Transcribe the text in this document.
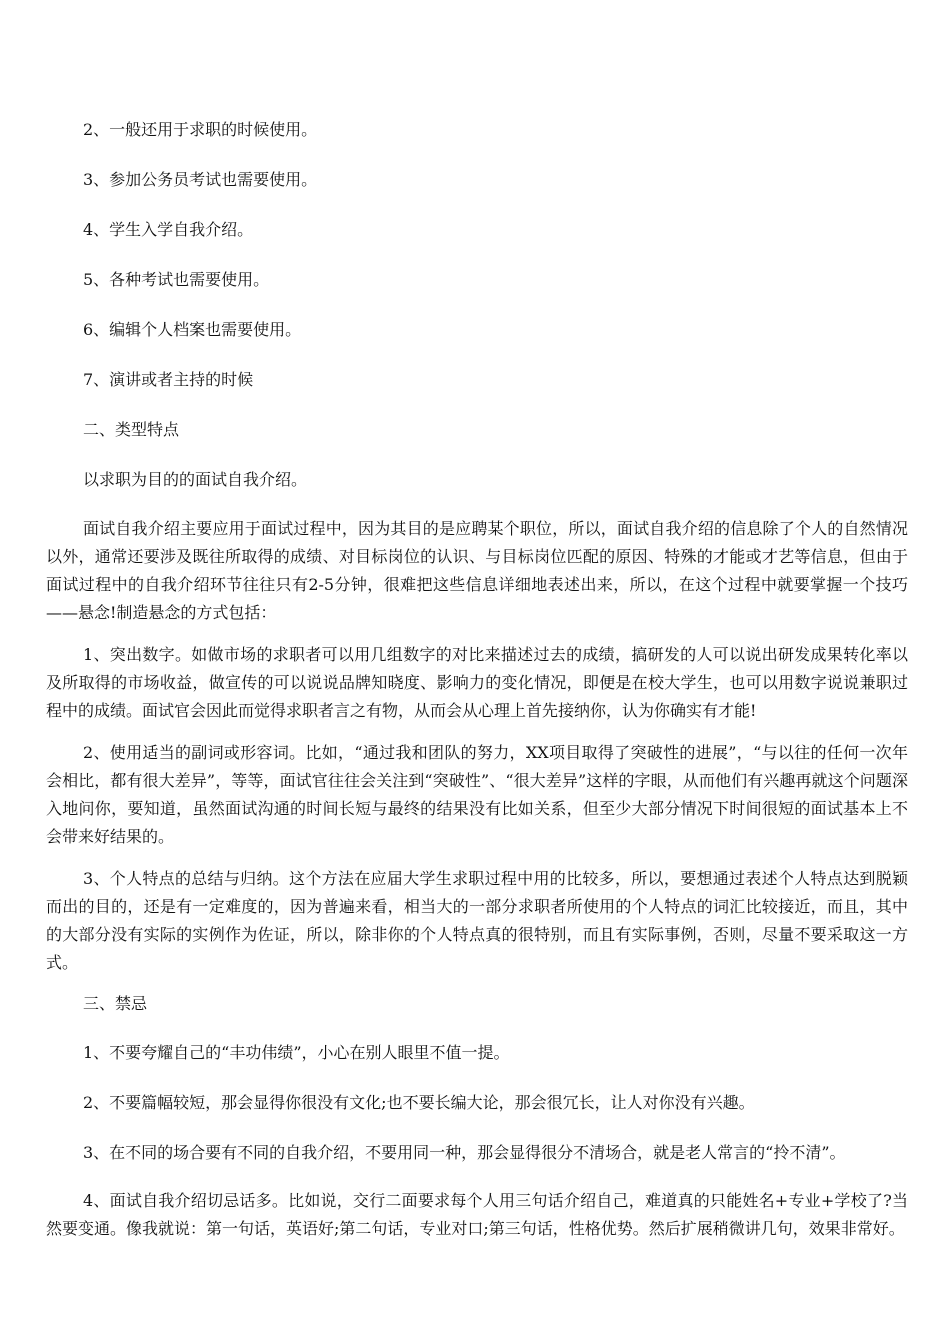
2、一般还用于求职的时候使用。

3、参加公务员考试也需要使用。

4、学生入学自我介绍。

5、各种考试也需要使用。

6、编辑个人档案也需要使用。

7、演讲或者主持的时候

二、类型特点

以求职为目的的面试自我介绍。

面试自我介绍主要应用于面试过程中，因为其目的是应聘某个职位，所以，面试自我介绍的信息除了个人的自然情况以外，通常还要涉及既往所取得的成绩、对目标岗位的认识、与目标岗位匹配的原因、特殊的才能或才艺等信息，但由于面试过程中的自我介绍环节往往只有2-5分钟，很难把这些信息详细地表述出来，所以，在这个过程中就要掌握一个技巧——悬念!制造悬念的方式包括：

1、突出数字。如做市场的求职者可以用几组数字的对比来描述过去的成绩，搞研发的人可以说出研发成果转化率以及所取得的市场收益，做宣传的可以说说品牌知晓度、影响力的变化情况，即便是在校大学生，也可以用数字说说兼职过程中的成绩。面试官会因此而觉得求职者言之有物，从而会从心理上首先接纳你，认为你确实有才能!

2、使用适当的副词或形容词。比如，“通过我和团队的努力，XX项目取得了突破性的进展”，“与以往的任何一次年会相比，都有很大差异”，等等，面试官往往会关注到“突破性”、“很大差异”这样的字眼，从而他们有兴趣再就这个问题深入地问你，要知道，虽然面试沟通的时间长短与最终的结果没有比如关系，但至少大部分情况下时间很短的面试基本上不会带来好结果的。

3、个人特点的总结与归纳。这个方法在应届大学生求职过程中用的比较多，所以，要想通过表述个人特点达到脱颖而出的目的，还是有一定难度的，因为普遍来看，相当大的一部分求职者所使用的个人特点的词汇比较接近，而且，其中的大部分没有实际的实例作为佐证，所以，除非你的个人特点真的很特别，而且有实际事例，否则，尽量不要采取这一方式。

三、禁忌

1、不要夸耀自己的“丰功伟绩”，小心在别人眼里不值一提。

2、不要篇幅较短，那会显得你很没有文化;也不要长编大论，那会很冗长，让人对你没有兴趣。

3、在不同的场合要有不同的自我介绍，不要用同一种，那会显得很分不清场合，就是老人常言的“拎不清”。

4、面试自我介绍切忌话多。比如说，交行二面要求每个人用三句话介绍自己，难道真的只能姓名+专业+学校了?当然要变通。像我就说：第一句话，英语好;第二句话，专业对口;第三句话，性格优势。然后扩展稍微讲几句，效果非常好。
